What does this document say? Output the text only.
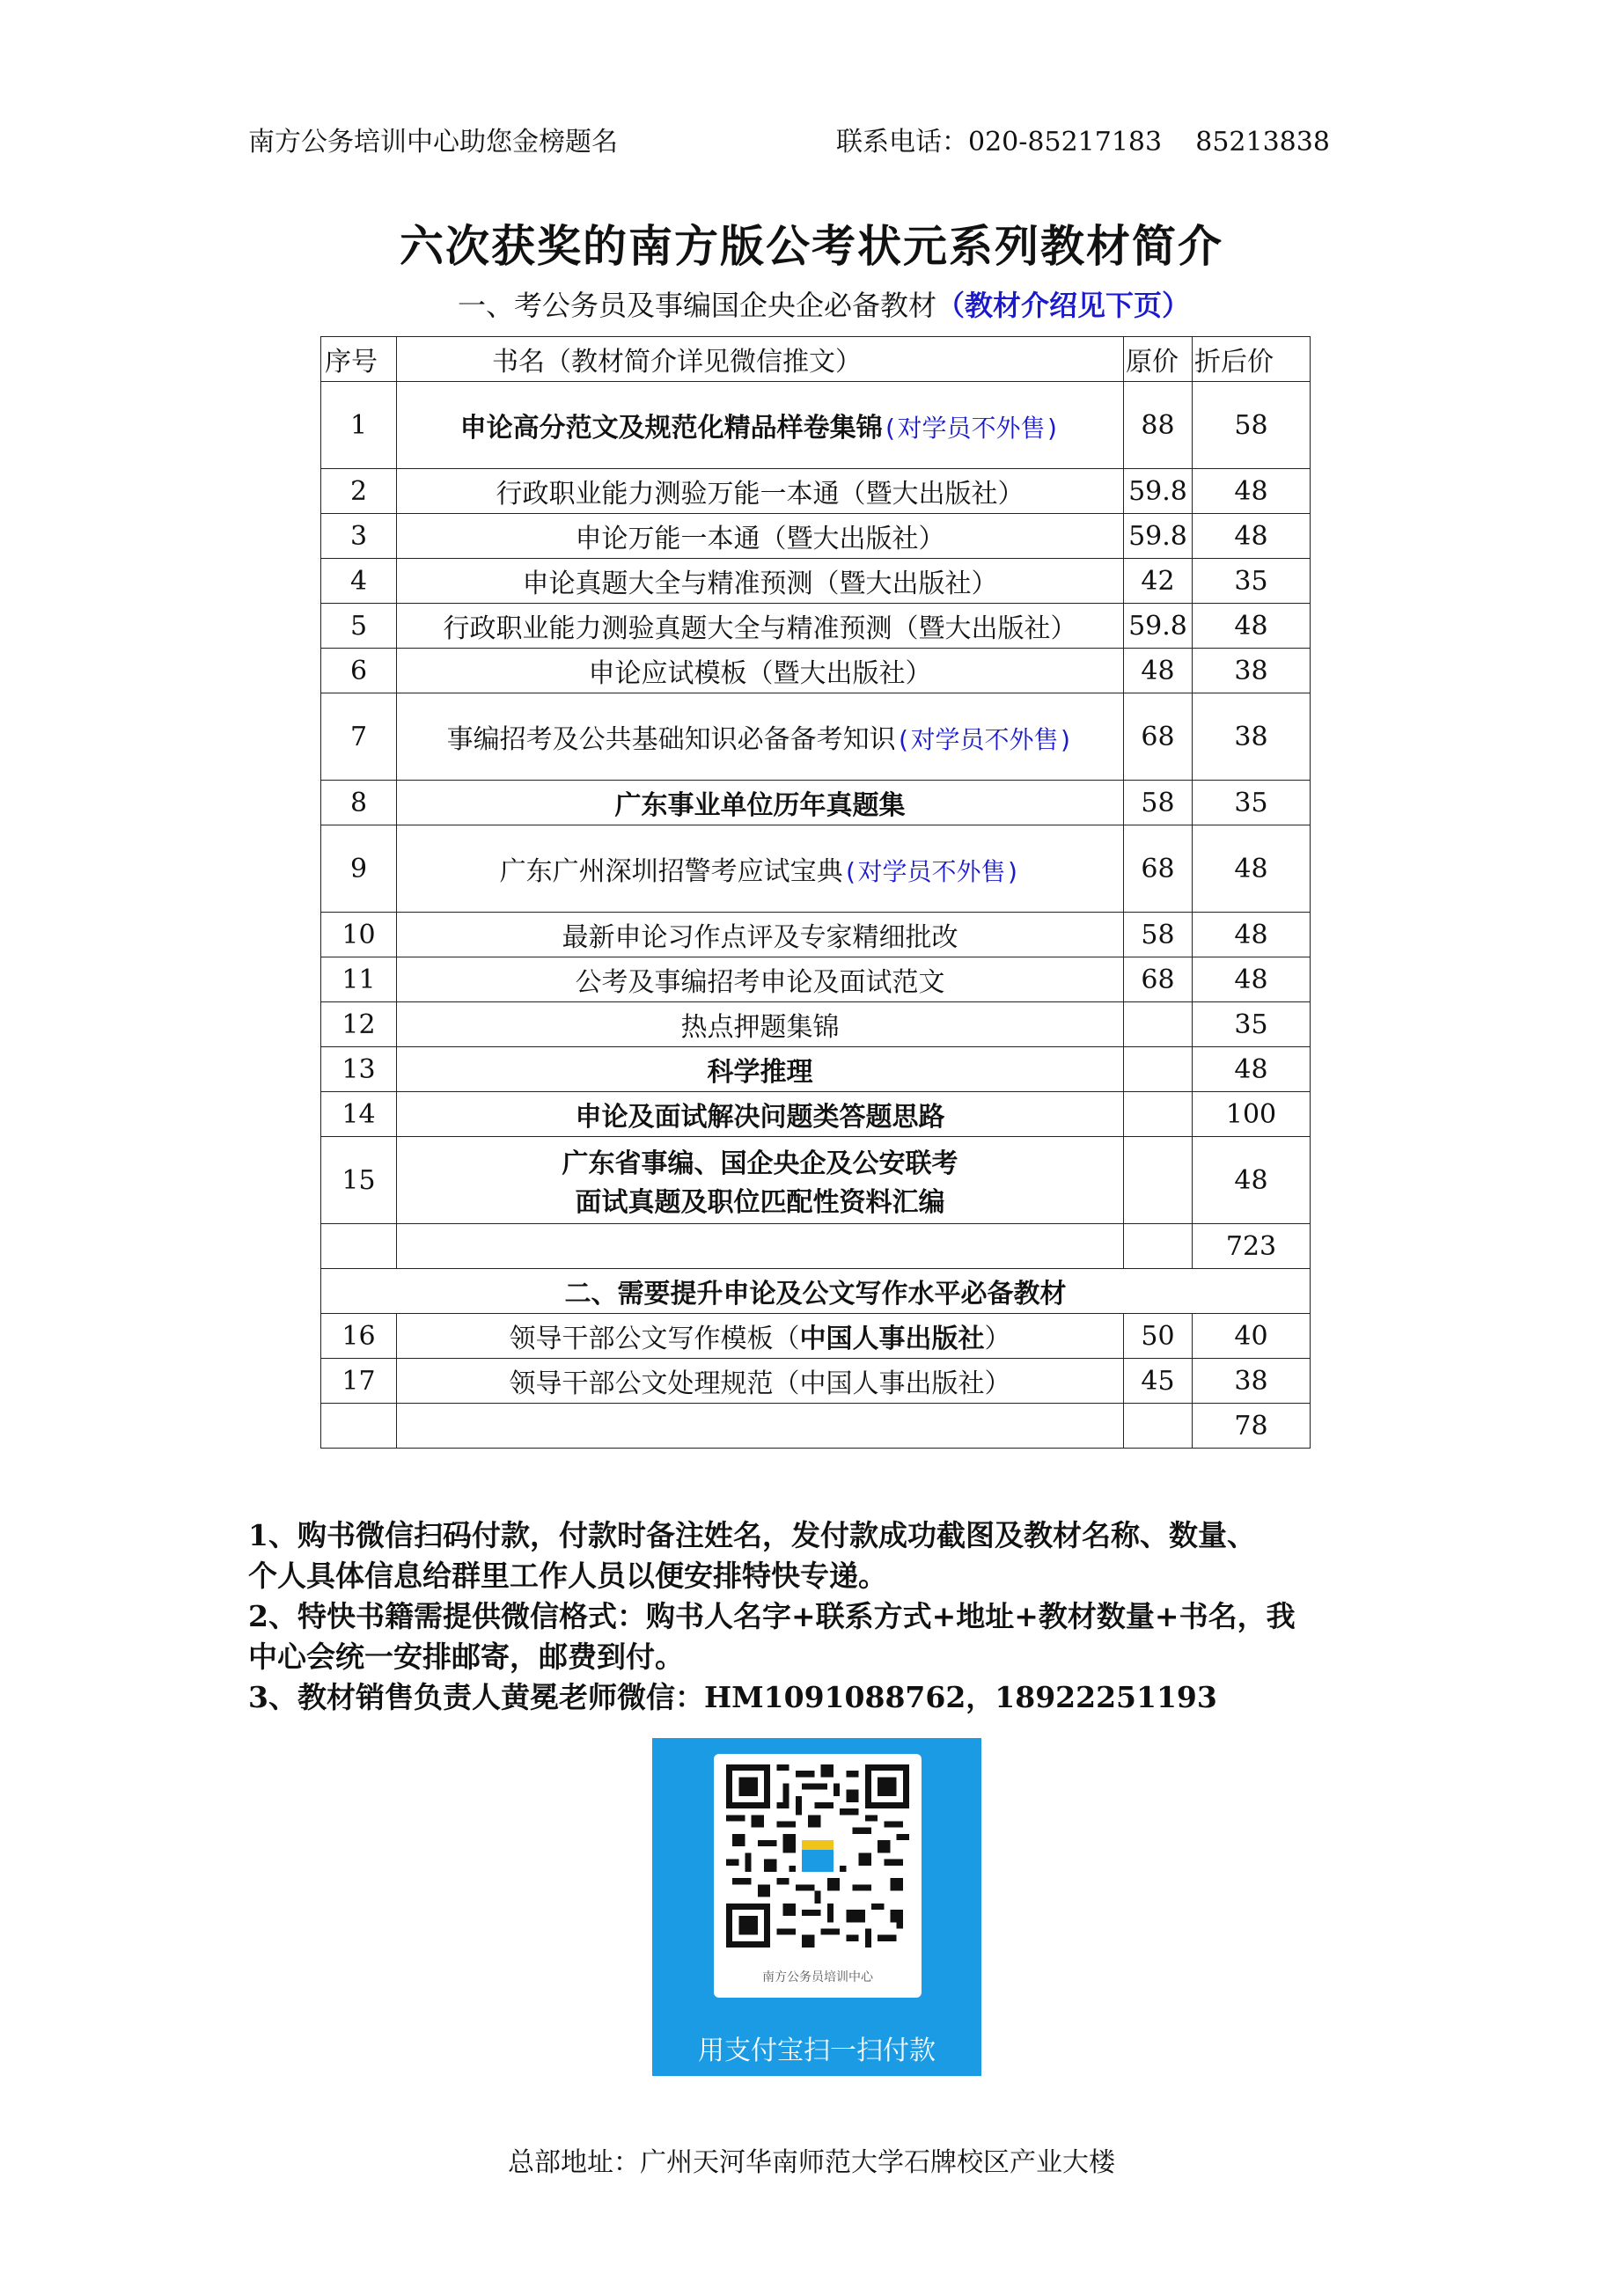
南方公务培训中心助您金榜题名	联系电话：020-85217183    85213838
六次获奖的南方版公考状元系列教材简介
一、考公务员及事编国企央企必备教材（教材介绍见下页）
序号	书名（教材简介详见微信推文）	原价	折后价
1	申论高分范文及规范化精品样卷集锦(对学员不外售)	88	58
2	行政职业能力测验万能一本通（暨大出版社）	59.8	48
3	申论万能一本通（暨大出版社）	59.8	48
4	申论真题大全与精准预测（暨大出版社）	42	35
5	行政职业能力测验真题大全与精准预测（暨大出版社）	59.8	48
6	申论应试模板（暨大出版社）	48	38
7	事编招考及公共基础知识必备备考知识(对学员不外售)	68	38
8	广东事业单位历年真题集	58	35
9	广东广州深圳招警考应试宝典(对学员不外售)	68	48
10	最新申论习作点评及专家精细批改	58	48
11	公考及事编招考申论及面试范文	68	48
12	热点押题集锦		35
13	科学推理		48
14	申论及面试解决问题类答题思路		100
15	广东省事编、国企央企及公安联考
面试真题及职位匹配性资料汇编		48
			723
二、需要提升申论及公文写作水平必备教材			
16	领导干部公文写作模板（中国人事出版社）	50	40
17	领导干部公文处理规范（中国人事出版社）	45	38
			78

1、购书微信扫码付款，付款时备注姓名，发付款成功截图及教材名称、数量、

个人具体信息给群里工作人员以便安排特快专递。

2、特快书籍需提供微信格式：购书人名字+联系方式+地址+教材数量+书名，我

中心会统一安排邮寄，邮费到付。

3、教材销售负责人黄冕老师微信：HM1091088762，18922251193

南方公务员培训中心
用支付宝扫一扫付款
总部地址：广州天河华南师范大学石牌校区产业大楼
